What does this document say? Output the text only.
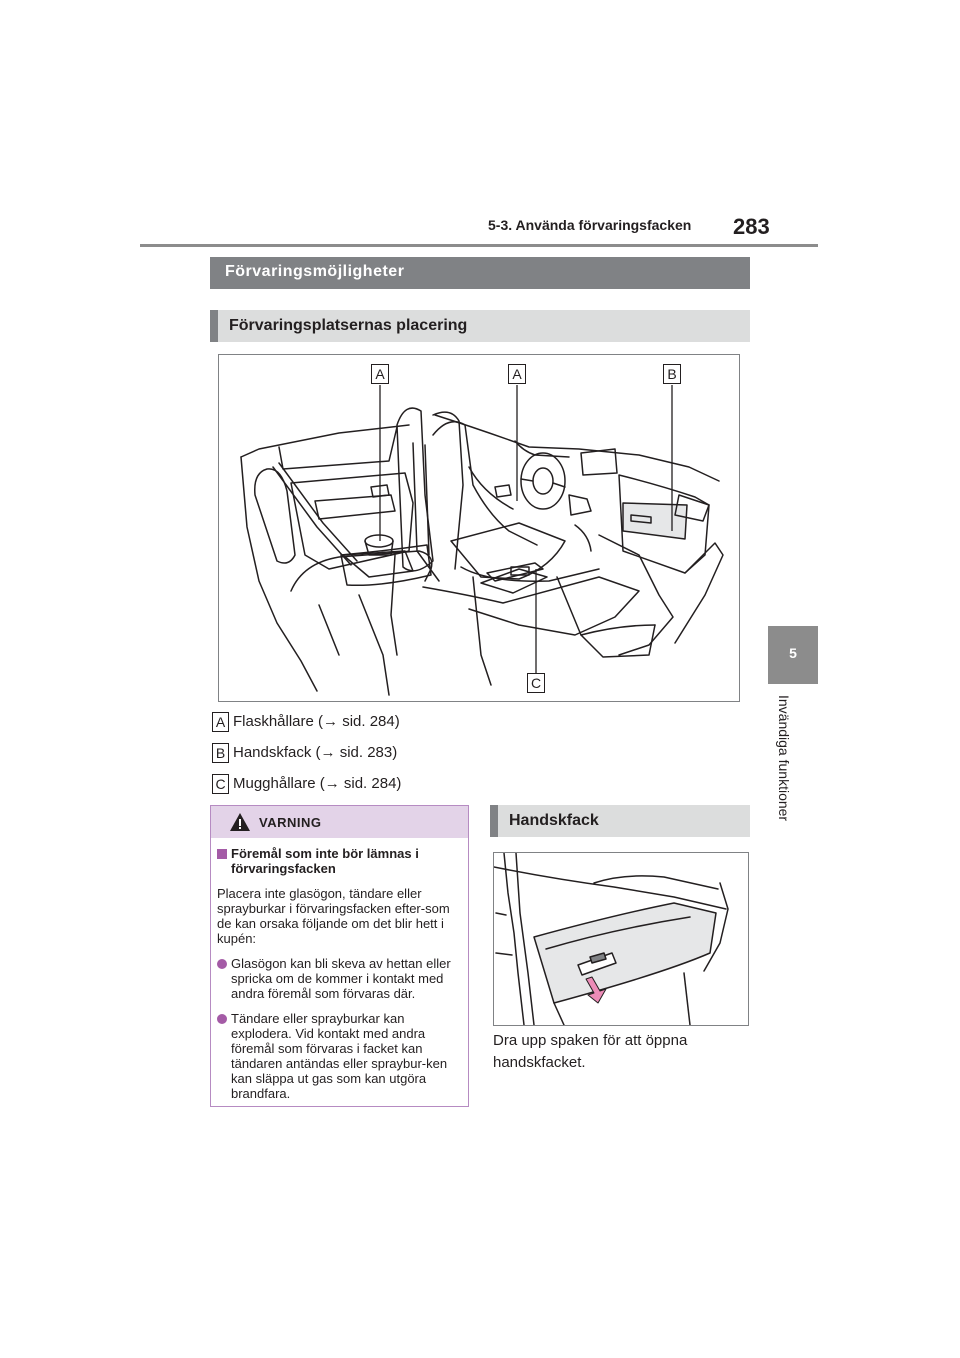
5-3. Använda förvaringsfacken 283
5
Invändiga funktioner
Förvaringsmöjligheter
Förvaringsplatsernas placering
A	A	B
C
A Flaskhållare (→ sid. 284)
B Handskfack (→ sid. 283)
C Mugghållare (→ sid. 284)
VARNING

Föremål som inte bör lämnas i förvaringsfacken

Placera inte glasögon, tändare eller sprayburkar i förvaringsfacken efter-som de kan orsaka följande om det blir hett i kupén:

Glasögon kan bli skeva av hettan eller spricka om de kommer i kontakt med andra föremål som förvaras där.

Tändare eller sprayburkar kan explodera. Vid kontakt med andra föremål som förvaras i facket kan tändaren antändas eller spraybur-ken kan släppa ut gas som kan utgöra brandfara.

Handskfack
Dra upp spaken för att öppna handskfacket.
